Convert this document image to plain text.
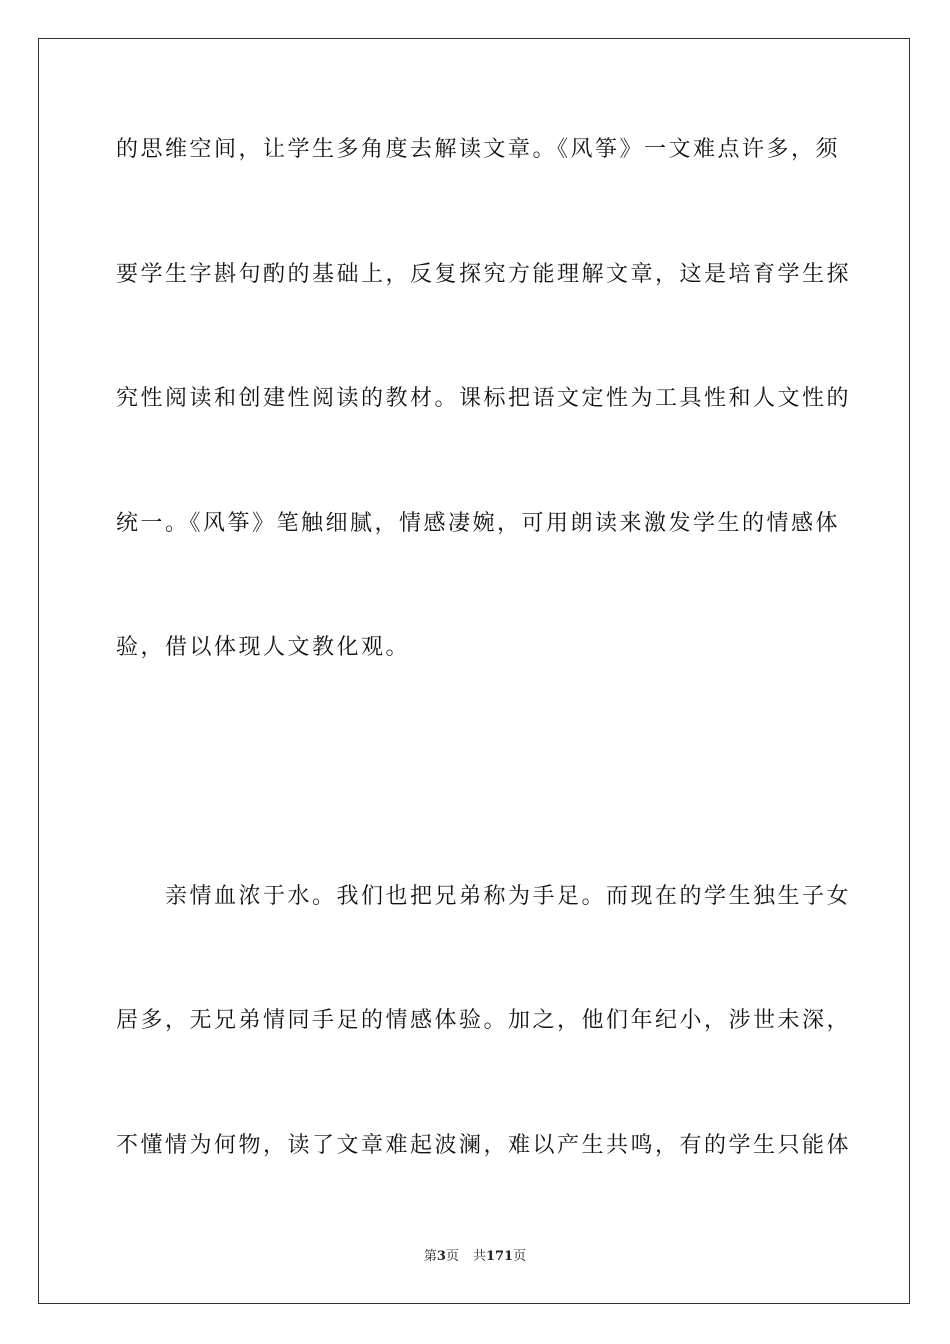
的思维空间，让学生多角度去解读文章。《风筝》一文难点许多，须
要学生字斟句酌的基础上，反复探究方能理解文章，这是培育学生探
究性阅读和创建性阅读的教材。课标把语文定性为工具性和人文性的
统一。《风筝》笔触细腻，情感凄婉，可用朗读来激发学生的情感体
验，借以体现人文教化观。
亲情血浓于水。我们也把兄弟称为手足。而现在的学生独生子女
居多，无兄弟情同手足的情感体验。加之，他们年纪小，涉世未深，
不懂情为何物，读了文章难起波澜，难以产生共鸣，有的学生只能体
第3页 共171页
